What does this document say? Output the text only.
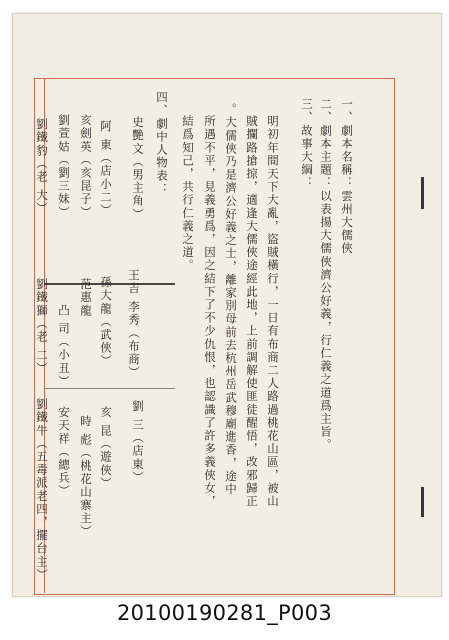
一、劇本名稱：雲州大儒俠
二、劇本主題：以表揚大儒俠濟公好義，行仁義之道爲主旨。
三、故事大綱：
明初年間天下大亂，盜賊橫行，一日有布商二人路過桃花山區，被山
賊攔路搶掠，適逢大儒俠途經此地，上前調解使匪徒醒悟，改邪歸正
。大儒俠乃是濟公好義之士，離家別母前去杭州岳武穆廟進香，途中
所遇不平，見義勇爲，因之結下了不少仇恨，也認識了許多義俠女，
結爲知己，共行仁義之道。
四、劇中人物表：
史艷文（男主角）
阿 東（店小二）
亥劍英（亥昆子）
劉萱姑（劉三妹）
劉鐵豹（老 大）
王吉 李秀（布商）
孫大龍（武俠）
范惠龍
凸 司（小丑）
劉鐵獅（老 二）
劉 三（店東）
亥 昆（遊俠）
時 彪（桃花山寨主）
安天祥（總兵）
劉鐵牛（五毒派老四，擺台主）
20100190281_P003
